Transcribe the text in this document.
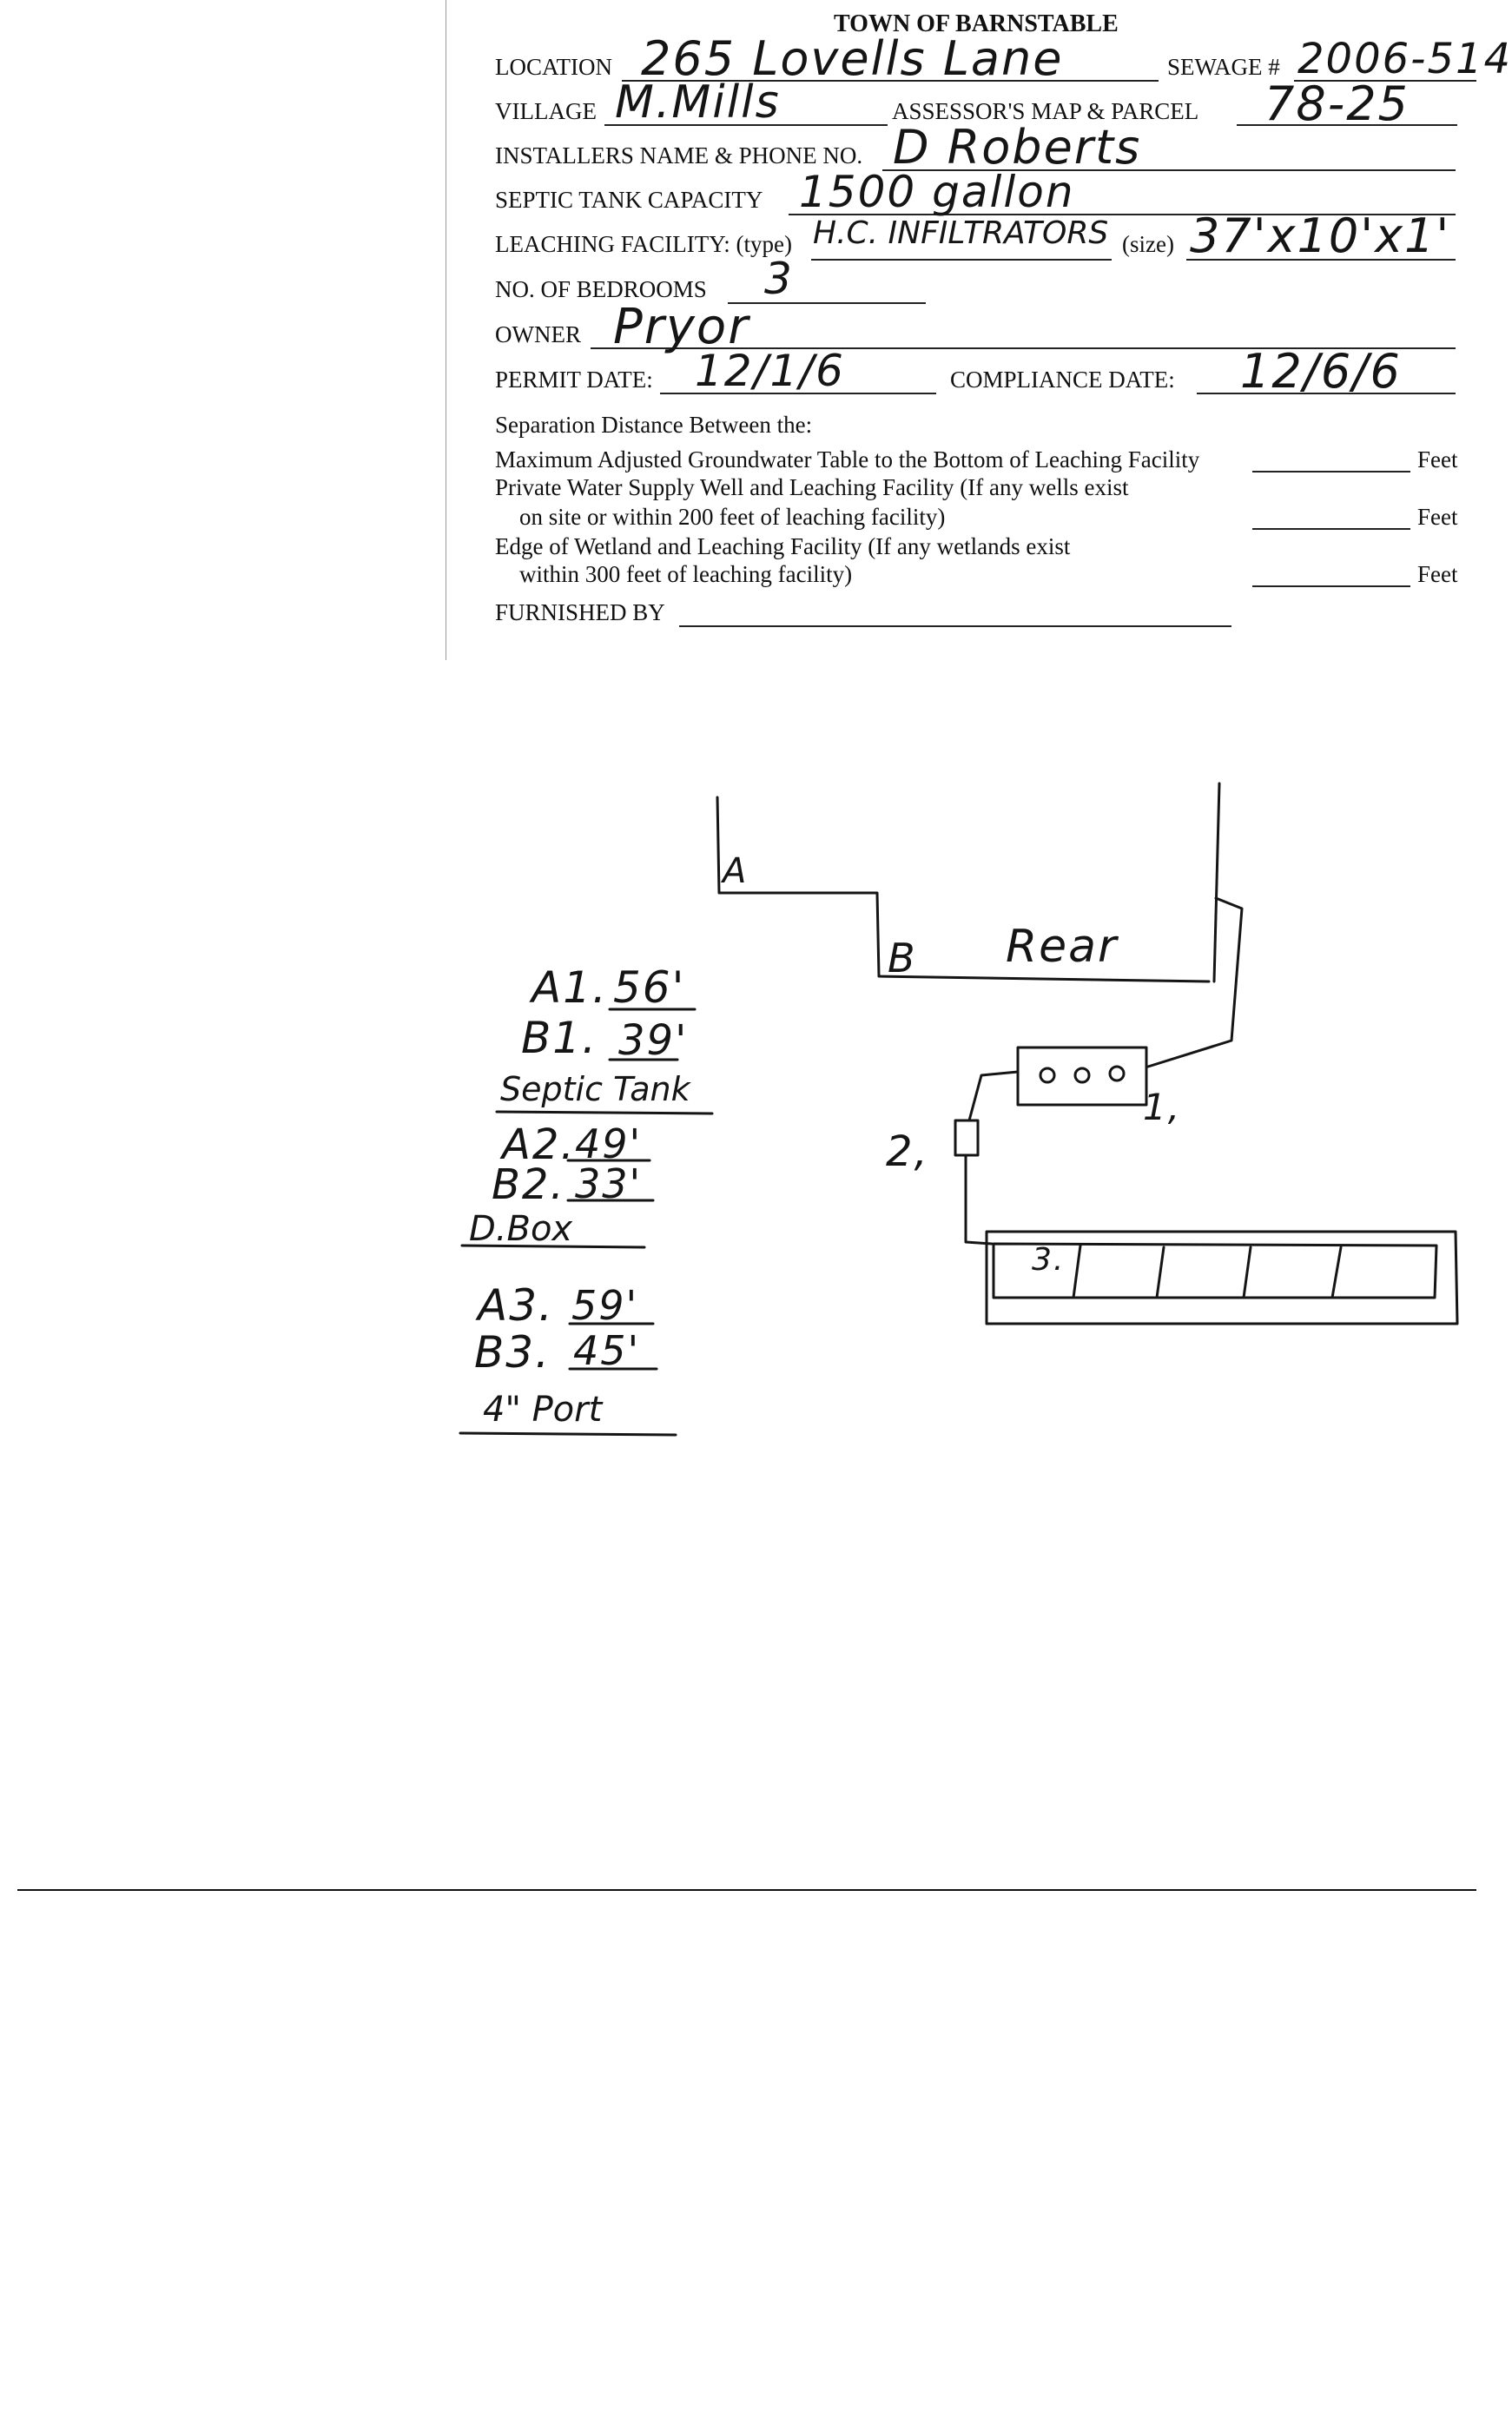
TOWN OF BARNSTABLE
LOCATION 265 Lovells Lane	SEWAGE # 2006-514
VILLAGE M.Mills	ASSESSOR'S MAP & PARCEL 78-25
INSTALLERS NAME & PHONE NO. D Roberts
SEPTIC TANK CAPACITY 1500 gallon
LEACHING FACILITY: (type) H.C. INFILTRATORS (size) 37'x10'x1'
NO. OF BEDROOMS 3
OWNER Pryor
PERMIT DATE: 12/1/6	COMPLIANCE DATE: 12/6/6
Separation Distance Between the:
Maximum Adjusted Groundwater Table to the Bottom of Leaching Facility	Feet
Private Water Supply Well and Leaching Facility (If any wells exist
on site or within 200 feet of leaching facility)	Feet
Edge of Wetland and Leaching Facility (If any wetlands exist
within 300 feet of leaching facility)	Feet
FURNISHED BY
A
B Rear
1,
2,
3.
A1. 56'
B1. 39'
Septic Tank
A2. 49'
B2. 33'
D.Box
A3. 59'
B3. 45'
4" Port
